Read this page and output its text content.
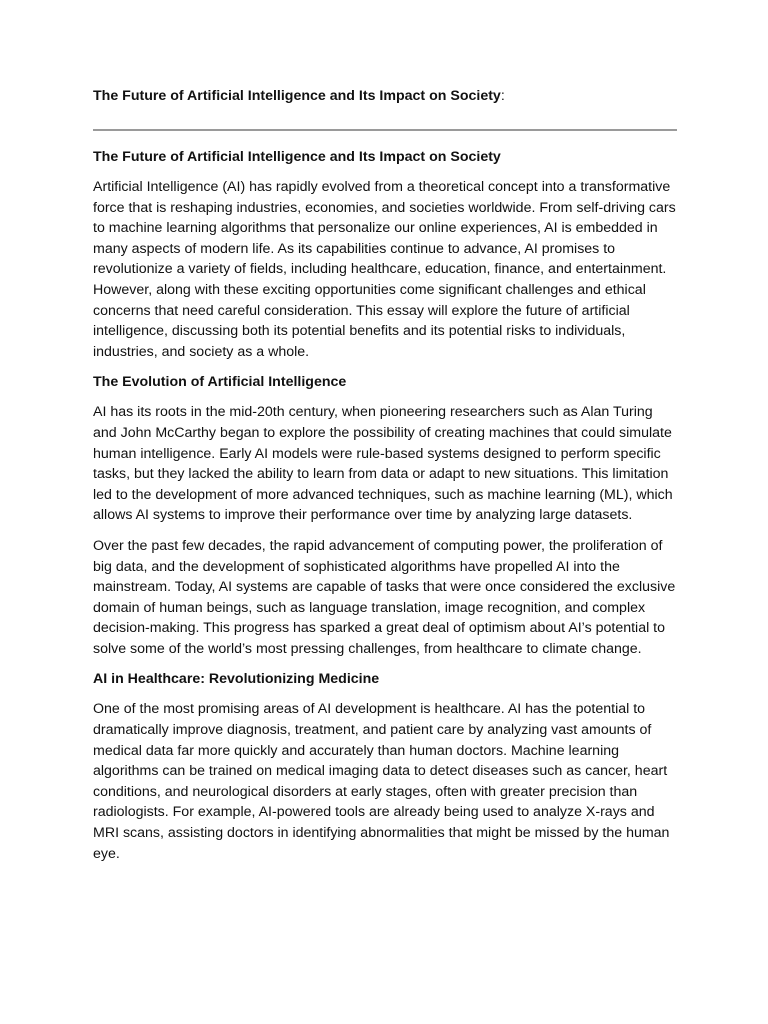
The Future of Artificial Intelligence and Its Impact on Society:

The Future of Artificial Intelligence and Its Impact on Society

Artificial Intelligence (AI) has rapidly evolved from a theoretical concept into a transformative force that is reshaping industries, economies, and societies worldwide. From self-driving cars to machine learning algorithms that personalize our online experiences, AI is embedded in many aspects of modern life. As its capabilities continue to advance, AI promises to revolutionize a variety of fields, including healthcare, education, finance, and entertainment. However, along with these exciting opportunities come significant challenges and ethical concerns that need careful consideration. This essay will explore the future of artificial intelligence, discussing both its potential benefits and its potential risks to individuals, industries, and society as a whole.

The Evolution of Artificial Intelligence

AI has its roots in the mid-20th century, when pioneering researchers such as Alan Turing and John McCarthy began to explore the possibility of creating machines that could simulate human intelligence. Early AI models were rule-based systems designed to perform specific tasks, but they lacked the ability to learn from data or adapt to new situations. This limitation led to the development of more advanced techniques, such as machine learning (ML), which allows AI systems to improve their performance over time by analyzing large datasets.

Over the past few decades, the rapid advancement of computing power, the proliferation of big data, and the development of sophisticated algorithms have propelled AI into the mainstream. Today, AI systems are capable of tasks that were once considered the exclusive domain of human beings, such as language translation, image recognition, and complex decision-making. This progress has sparked a great deal of optimism about AI’s potential to solve some of the world’s most pressing challenges, from healthcare to climate change.

AI in Healthcare: Revolutionizing Medicine

One of the most promising areas of AI development is healthcare. AI has the potential to dramatically improve diagnosis, treatment, and patient care by analyzing vast amounts of medical data far more quickly and accurately than human doctors. Machine learning algorithms can be trained on medical imaging data to detect diseases such as cancer, heart conditions, and neurological disorders at early stages, often with greater precision than radiologists. For example, AI-powered tools are already being used to analyze X-rays and MRI scans, assisting doctors in identifying abnormalities that might be missed by the human eye.
